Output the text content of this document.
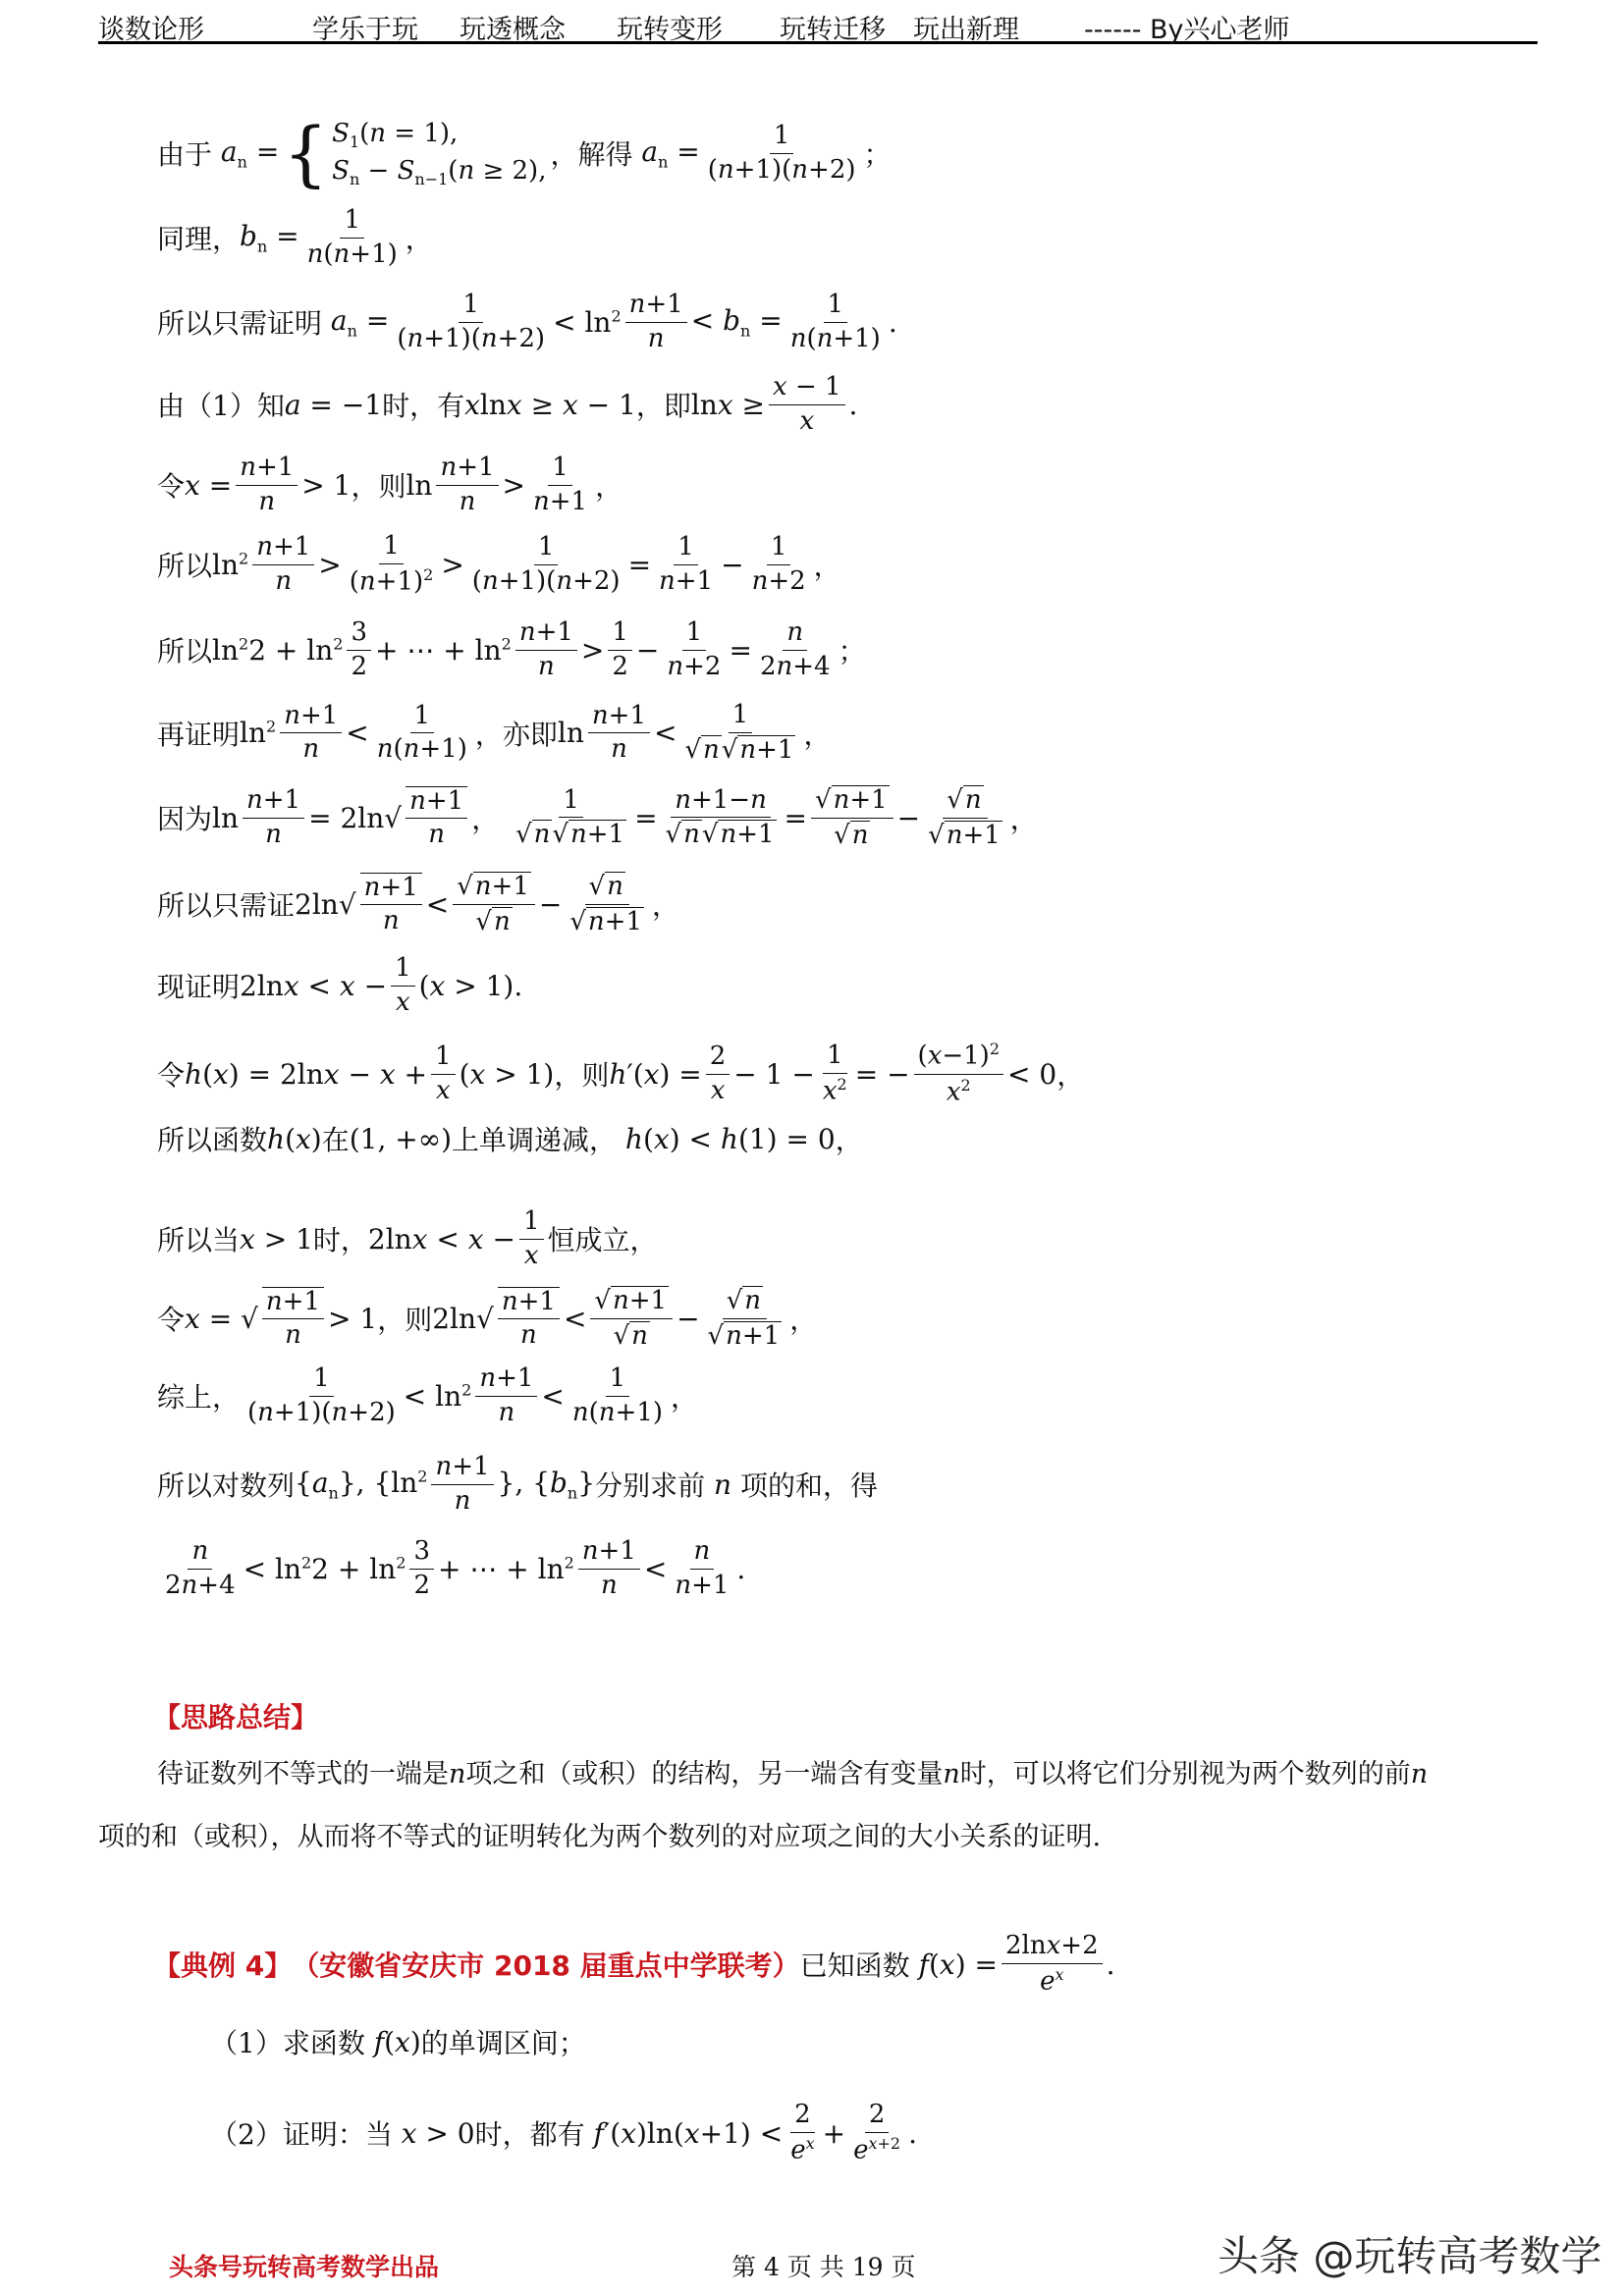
谈数论形	学乐于玩 玩透概念 玩转变形 玩转迁移 玩出新理 ------ By兴心老师
由于 $a_n$ = { $S_1(n = 1)$,
$S_n - S_{n-1}(n \ge 2)$, ，解得 $a_n = \frac{1}{(n+1)(n+2)}$ ；
同理， $b_n = \frac{1}{n(n+1)}$ ，
所以只需证明 $a_n = \frac{1}{(n+1)(n+2)} < \ln^2 \frac{n+1}{n} < b_n = \frac{1}{n(n+1)}$ .
由（1）知 a = −1 时，有 xlnx ≥ x − 1 ，即 $\ln x \ge \frac{x - 1}{x}$ .
令 $x = \frac{n+1}{n} > 1$ ，则 $\ln \frac{n+1}{n} > \frac{1}{n+1}$ ，
所以 $\ln^2 \frac{n+1}{n} > \frac{1}{(n+1)^2} > \frac{1}{(n+1)(n+2)} = \frac{1}{n+1} - \frac{1}{n+2}$ ，
所以 $\ln^22 + \ln^2 \frac{3}{2}$ + ⋯ + $\ln^2 \frac{n+1}{n} > \frac{1}{2} - \frac{1}{n+2} = \frac{n}{2n+4}$ ；
再证明 $\ln^2 \frac{n+1}{n} < \frac{1}{n(n+1)}$ ，亦即 $\ln \frac{n+1}{n} < \frac{1}{√ n √ n+1}$ ，
因为 $\ln \frac{n+1}{n} = 2\ln√ \frac{n+1}{n}$ ， $\frac{1}{√ n √ n+1} = \frac{n+1-n}{√ n √ n+1} = \frac{√ n+1}{√ n} - \frac{√ n}{√ n+1}$ ，
所以只需证 $2\ln√ \frac{n+1}{n} < \frac{√ n+1}{√ n} - \frac{√ n}{√ n+1}$ ，
现证明 $2\ln x < x - \frac{1}{x} (x > 1)$.
令 $h(x) = 2\ln x - x + \frac{1}{x} (x > 1)$ ，则 $h'(x) = \frac{2}{x} - 1 - \frac{1}{x^2}$ = − $\frac{(x-1)^2}{x^2} < 0$ ，
所以函数 h(x) 在 (1, +∞) 上单调递减， h(x) < h(1) = 0 ，
所以当 x > 1 时， $2\ln x < x - \frac{1}{x}$ 恒成立，
令 x = √ $\frac{n+1}{n} > 1$ ，则 $2\ln√ \frac{n+1}{n} < \frac{√ n+1}{√ n} - \frac{√ n}{√ n+1}$ ，
综上， $\frac{1}{(n+1)(n+2)} < \ln^2 \frac{n+1}{n} < \frac{1}{n(n+1)}$ ，
所以对数列 $\{a_n\}$, {$\ln^2 \frac{n+1}{n}$ }, $\{b_n\}$ 分别求前 n 项的和，得
$\frac{n}{2n+4} < \ln^22 + \ln^2 \frac{3}{2}$ + ⋯ + $\ln^2 \frac{n+1}{n} < \frac{n}{n+1}$ .
【思路总结】
待证数列不等式的一端是n项之和（或积）的结构，另一端含有变量n时，可以将它们分别视为两个数列的前n
项的和（或积），从而将不等式的证明转化为两个数列的对应项之间的大小关系的证明.
【典例 4】 （安徽省安庆市 2018 届重点中学联考） 已知函数 $f(x) = \frac{2\ln x+2}{e^x}$ .
（1）求函数 f(x) 的单调区间；
（2）证明：当 x > 0 时，都有 $f'(x)\ln(x+1) < \frac{2}{e^x} + \frac{2}{e^{x+2}}$ .
头条号玩转高考数学出品	第 4 页 共 19 页	头条 @玩转高考数学
